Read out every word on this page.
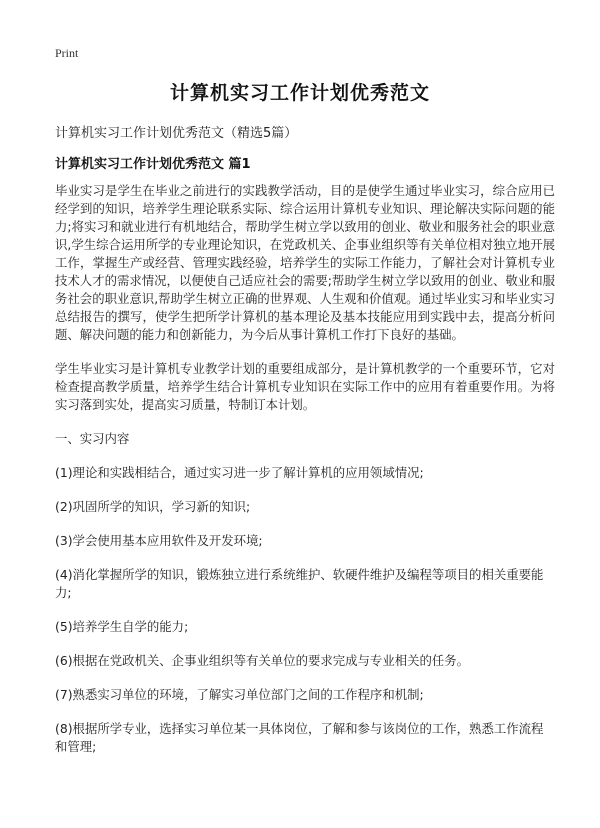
Print
计算机实习工作计划优秀范文
计算机实习工作计划优秀范文（精选5篇）
计算机实习工作计划优秀范文 篇1

毕业实习是学生在毕业之前进行的实践教学活动，目的是使学生通过毕业实习，综合应用已经学到的知识，培养学生理论联系实际、综合运用计算机专业知识、理论解决实际问题的能力;将实习和就业进行有机地结合，帮助学生树立学以致用的创业、敬业和服务社会的职业意识,学生综合运用所学的专业理论知识，在党政机关、企事业组织等有关单位相对独立地开展工作，掌握生产或经营、管理实践经验，培养学生的实际工作能力，了解社会对计算机专业技术人才的需求情况，以便使自己适应社会的需要;帮助学生树立学以致用的创业、敬业和服务社会的职业意识,帮助学生树立正确的世界观、人生观和价值观。通过毕业实习和毕业实习总结报告的撰写，使学生把所学计算机的基本理论及基本技能应用到实践中去，提高分析问题、解决问题的能力和创新能力，为今后从事计算机工作打下良好的基础。

学生毕业实习是计算机专业教学计划的重要组成部分，是计算机教学的一个重要环节，它对检查提高教学质量，培养学生结合计算机专业知识在实际工作中的应用有着重要作用。为将实习落到实处，提高实习质量，特制订本计划。

一、实习内容

(1)理论和实践相结合，通过实习进一步了解计算机的应用领域情况;

(2)巩固所学的知识，学习新的知识;

(3)学会使用基本应用软件及开发环境;

(4)消化掌握所学的知识，锻炼独立进行系统维护、软硬件维护及编程等项目的相关重要能力;

(5)培养学生自学的能力;

(6)根据在党政机关、企事业组织等有关单位的要求完成与专业相关的任务。

(7)熟悉实习单位的环境，了解实习单位部门之间的工作程序和机制;

(8)根据所学专业，选择实习单位某一具体岗位，了解和参与该岗位的工作，熟悉工作流程和管理;
